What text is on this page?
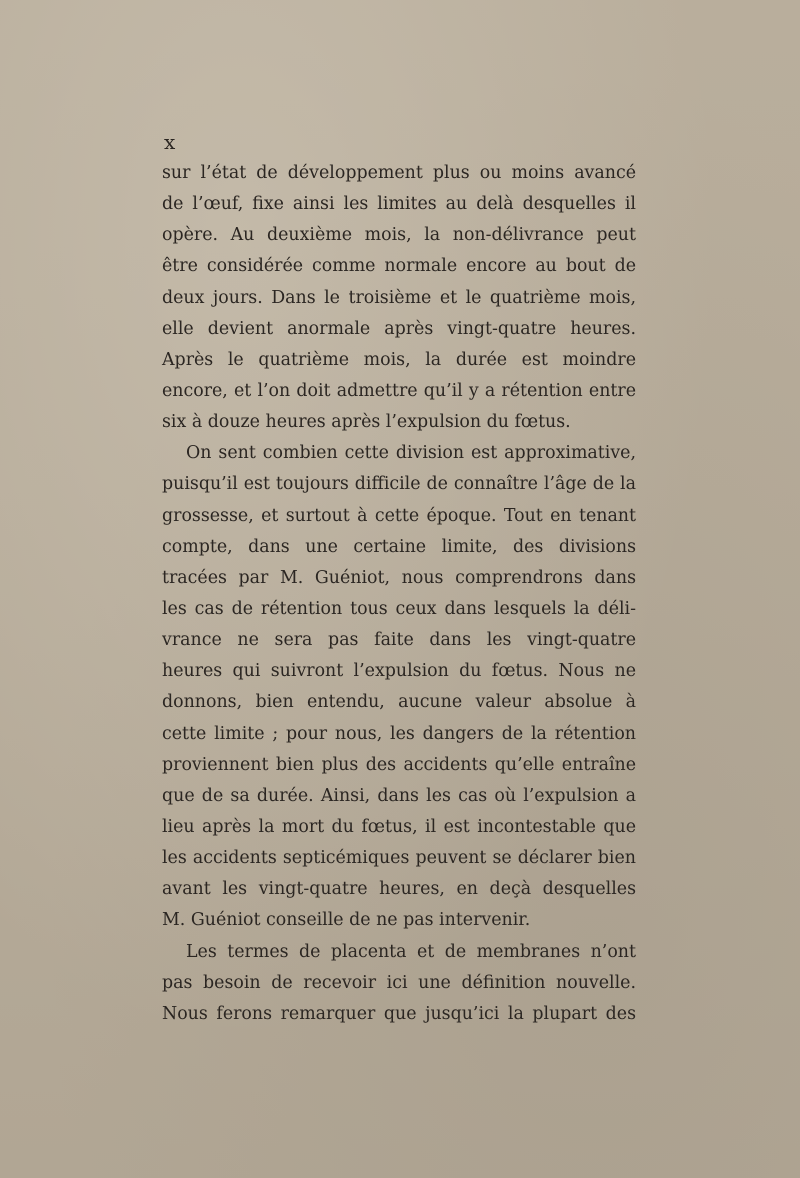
x
sur l’état de développement plus ou moins avancé
de l’œuf, fixe ainsi les limites au delà desquelles il
opère. Au deuxième mois, la non-délivrance peut
être considérée comme normale encore au bout de
deux jours. Dans le troisième et le quatrième mois,
elle devient anormale après vingt-quatre heures.
Après le quatrième mois, la durée est moindre
encore, et l’on doit admettre qu’il y a rétention entre
six à douze heures après l’expulsion du fœtus.
On sent combien cette division est approximative,
puisqu’il est toujours difficile de connaître l’âge de la
grossesse, et surtout à cette époque. Tout en tenant
compte, dans une certaine limite, des divisions
tracées par M. Guéniot, nous comprendrons dans
les cas de rétention tous ceux dans lesquels la déli-
vrance ne sera pas faite dans les vingt-quatre
heures qui suivront l’expulsion du fœtus. Nous ne
donnons, bien entendu, aucune valeur absolue à
cette limite ; pour nous, les dangers de la rétention
proviennent bien plus des accidents qu’elle entraîne
que de sa durée. Ainsi, dans les cas où l’expulsion a
lieu après la mort du fœtus, il est incontestable que
les accidents septicémiques peuvent se déclarer bien
avant les vingt-quatre heures, en deçà desquelles
M. Guéniot conseille de ne pas intervenir.
Les termes de placenta et de membranes n’ont
pas besoin de recevoir ici une définition nouvelle.
Nous ferons remarquer que jusqu’ici la plupart des
